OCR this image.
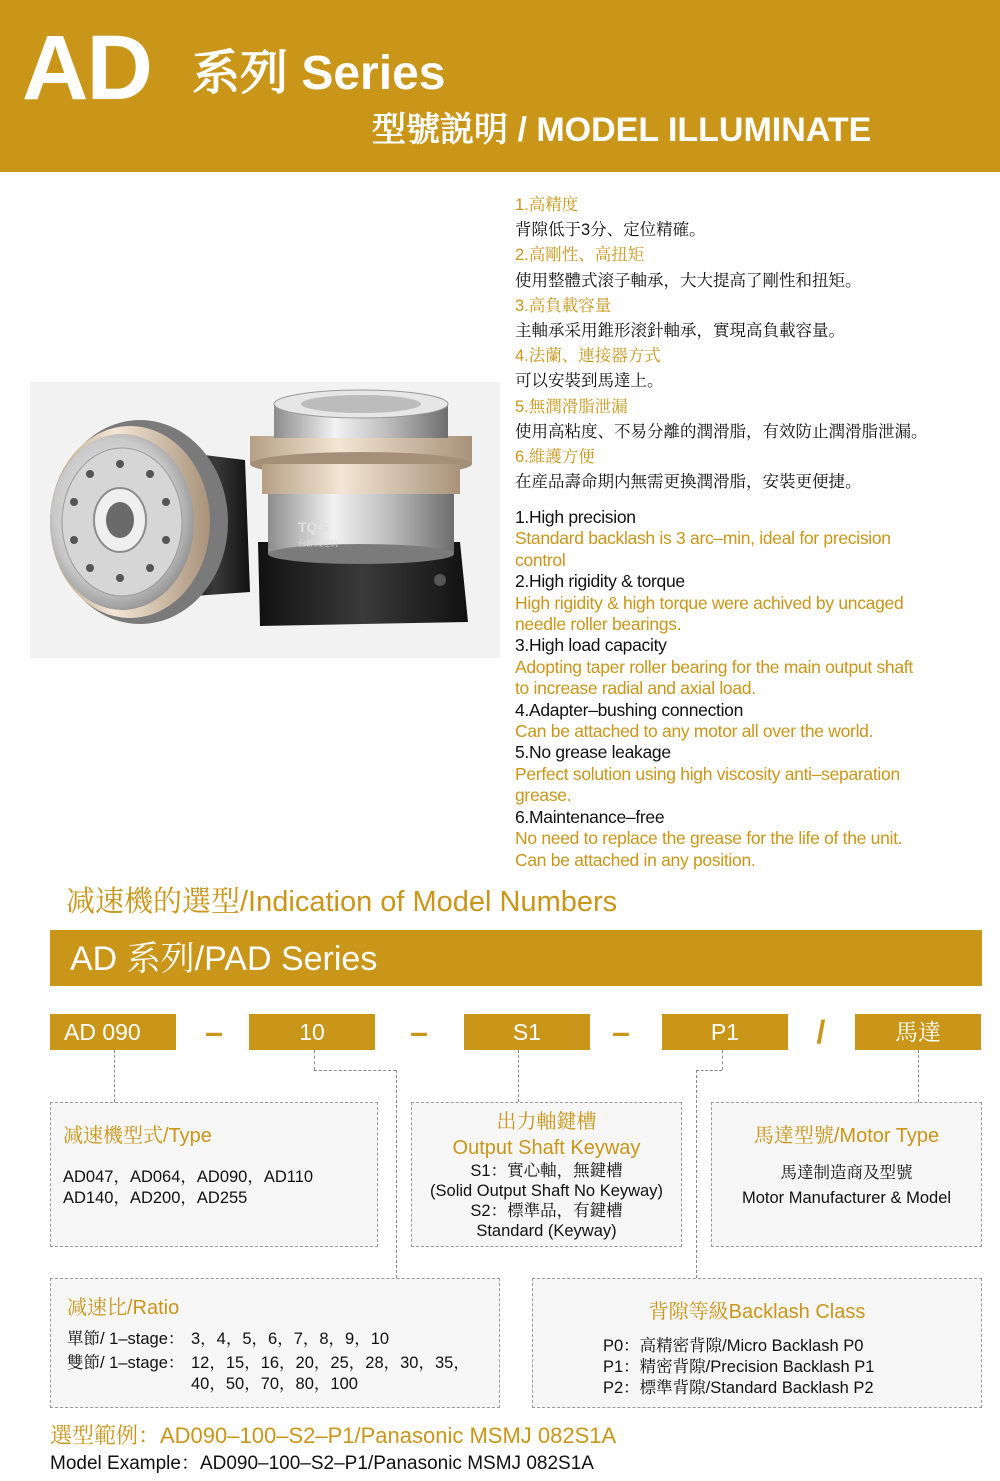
AD 系列 Series
型號説明 / MODEL ILLUMINATE
TQG
台群减速机
1.高精度
背隙低于3分、定位精確。
2.高剛性、高扭矩
使用整體式滚子軸承，大大提高了剛性和扭矩。
3.高負載容量
主軸承采用錐形滚針軸承，實現高負載容量。
4.法蘭、連接器方式
可以安裝到馬達上。
5.無潤滑脂泄漏
使用高粘度、不易分離的潤滑脂，有效防止潤滑脂泄漏。
6.維護方便
在産品壽命期内無需更換潤滑脂，安裝更便捷。
1.High precision
Standard backlash is 3 arc–min, ideal for precision
control
2.High rigidity & torque
High rigidity & high torque were achived by uncaged
needle roller bearings.
3.High load capacity
Adopting taper roller bearing for the main output shaft
to increase radial and axial load.
4.Adapter–bushing connection
Can be attached to any motor all over the world.
5.No grease leakage
Perfect solution using high viscosity anti–separation
grease.
6.Maintenance–free
No need to replace the grease for the life of the unit.
Can be attached in any position.
减速機的選型/Indication of Model Numbers
AD 系列/PAD Series
AD 090	–	10	–	S1	–	P1	/	馬達
减速機型式/Type
AD047，AD064，AD090，AD110
AD140，AD200，AD255
出力軸鍵槽
Output Shaft Keyway
S1：實心軸，無鍵槽
(Solid Output Shaft No Keyway)
S2：標準品，有鍵槽
Standard (Keyway)
馬達型號/Motor Type
馬達制造商及型號
Motor Manufacturer & Model
减速比/Ratio
單節/ 1–stage： 3，4，5，6，7，8，9，10
雙節/ 1–stage： 12，15，16，20，25，28，30，35，
40，50，70，80，100
背隙等級Backlash Class
P0：高精密背隙/Micro Backlash P0
P1：精密背隙/Precision Backlash P1
P2：標準背隙/Standard Backlash P2
選型範例：AD090–100–S2–P1/Panasonic MSMJ 082S1A
Model Example：AD090–100–S2–P1/Panasonic MSMJ 082S1A
